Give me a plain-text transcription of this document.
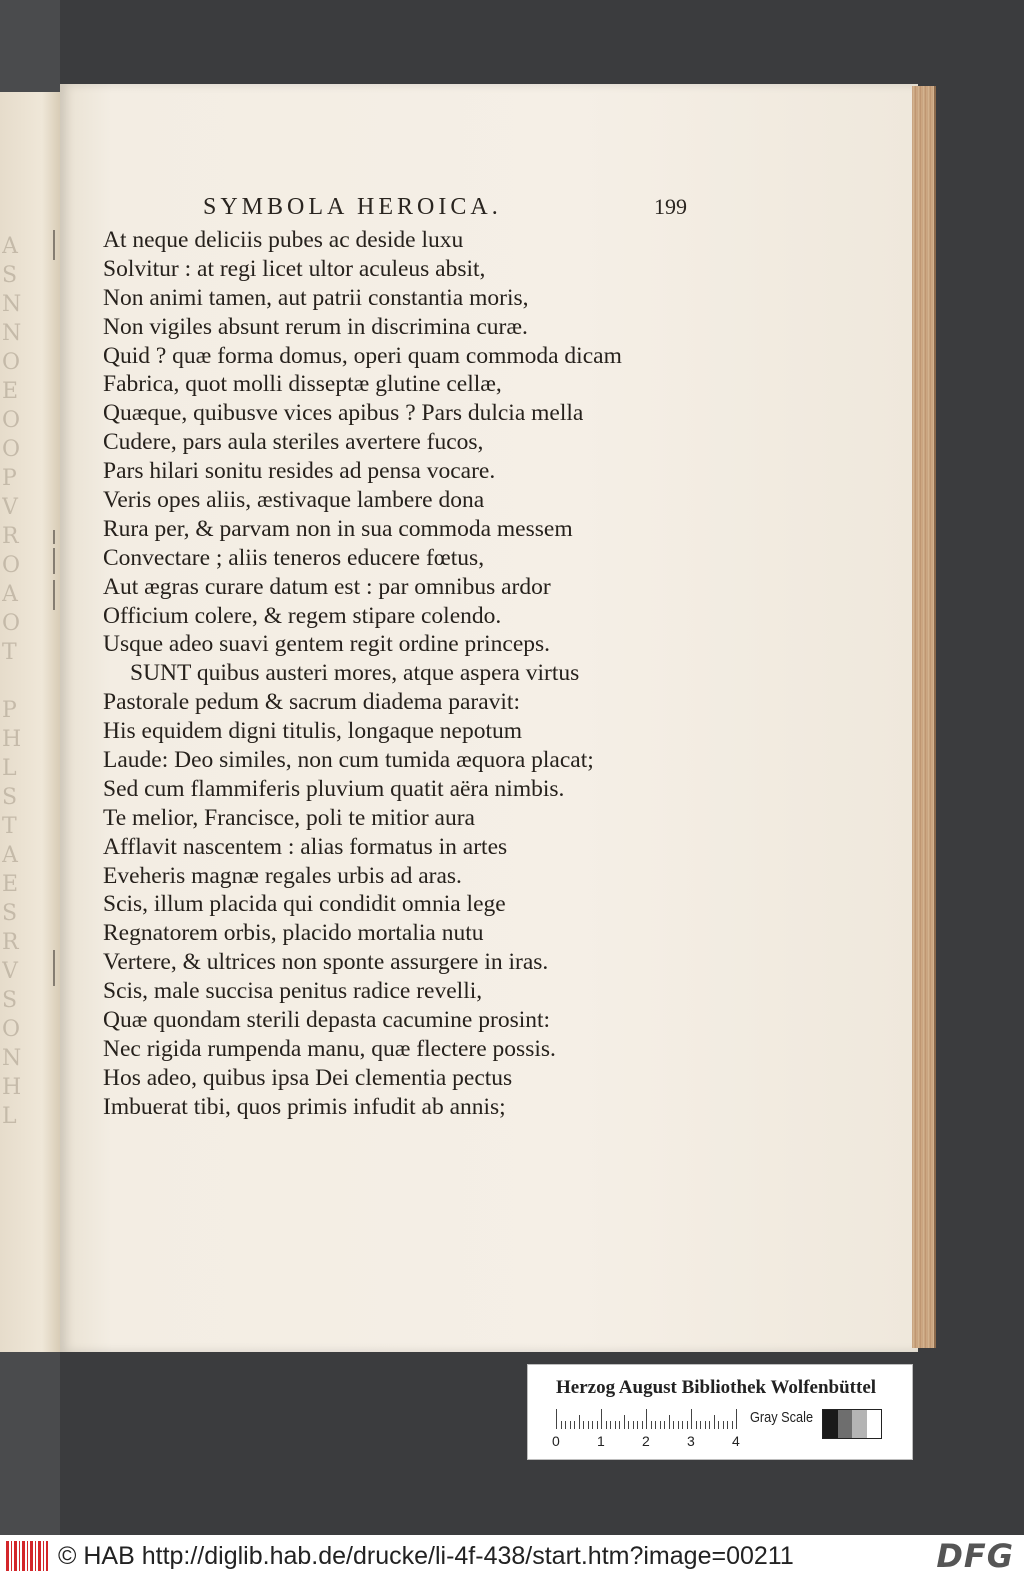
A
S
N
N
O
E
O
O
P
V
R
O
A
O
T
P
H
L
S
T
A
E
S
R
V
S
O
N
H
L
SYMBOLA HEROICA.	199
At neque deliciis pubes ac deside luxu
Solvitur : at regi licet ultor aculeus absit,
Non animi tamen, aut patrii constantia moris,
Non vigiles absunt rerum in discrimina curæ.
Quid ? quæ forma domus, operi quam commoda dicam
Fabrica, quot molli disseptæ glutine cellæ,
Quæque, quibusve vices apibus ? Pars dulcia mella
Cudere, pars aula steriles avertere fucos,
Pars hilari sonitu resides ad pensa vocare.
Veris opes aliis, æstivaque lambere dona
Rura per, & parvam non in sua commoda messem
Convectare ; aliis teneros educere fœtus,
Aut ægras curare datum est : par omnibus ardor
Officium colere, & regem stipare colendo.
Usque adeo suavi gentem regit ordine princeps.
SUNT quibus austeri mores, atque aspera virtus
Pastorale pedum & sacrum diadema paravit:
His equidem digni titulis, longaque nepotum
Laude: Deo similes, non cum tumida æquora placat;
Sed cum flammiferis pluvium quatit aëra nimbis.
Te melior, Francisce, poli te mitior aura
Afflavit nascentem : alias formatus in artes
Eveheris magnæ regales urbis ad aras.
Scis, illum placida qui condidit omnia lege
Regnatorem orbis, placido mortalia nutu
Vertere, & ultrices non sponte assurgere in iras.
Scis, male succisa penitus radice revelli,
Quæ quondam sterili depasta cacumine prosint:
Nec rigida rumpenda manu, quæ flectere possis.
Hos adeo, quibus ipsa Dei clementia pectus
Imbuerat tibi, quos primis infudit ab annis;
Herzog August Bibliothek Wolfenbüttel
0	1	2	3	4
Gray Scale
© HAB http://diglib.hab.de/drucke/li-4f-438/start.htm?image=00211	DFG
